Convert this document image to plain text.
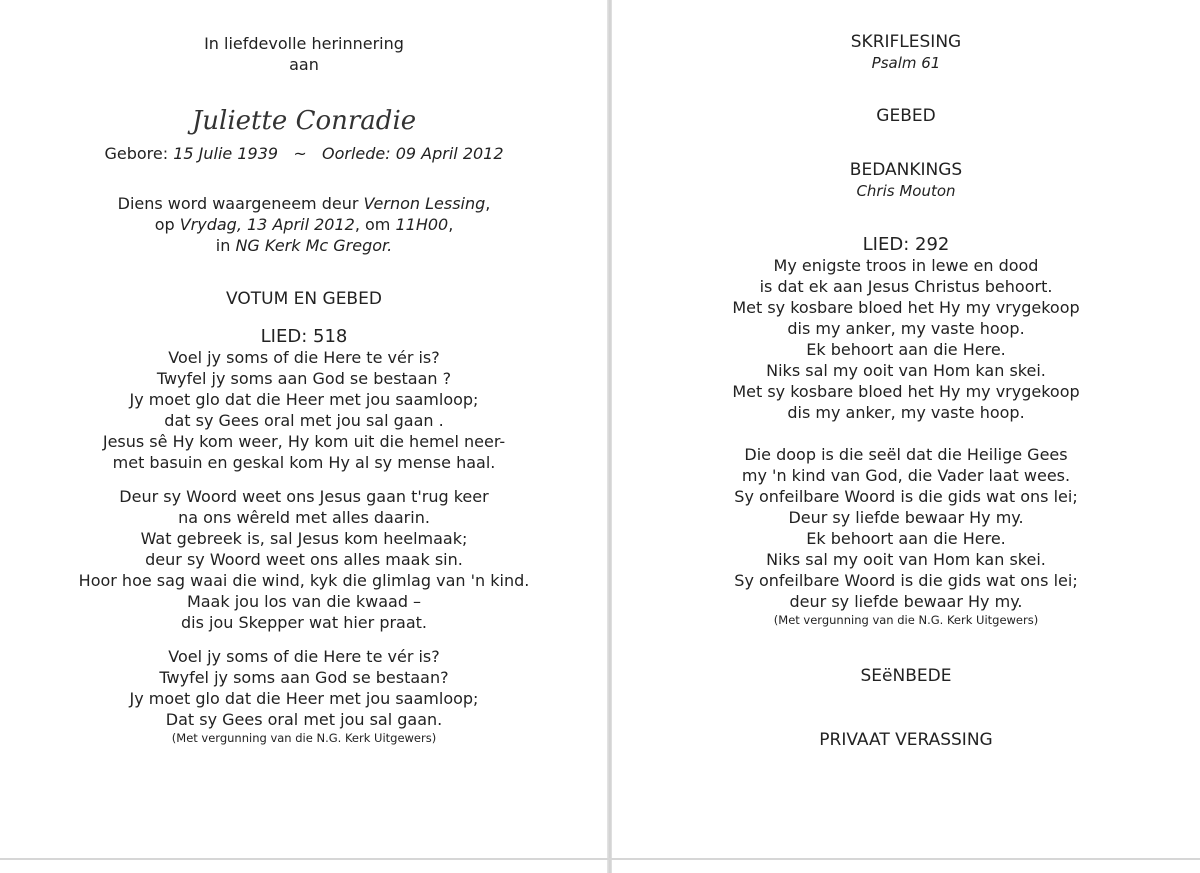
In liefdevolle herinnering
aan
Juliette Conradie
Gebore: 15 Julie 1939 ~ Oorlede: 09 April 2012
Diens word waargeneem deur Vernon Lessing,
op Vrydag, 13 April 2012, om 11H00,
in NG Kerk Mc Gregor.
VOTUM EN GEBED
LIED: 518
Voel jy soms of die Here te vér is?
Twyfel jy soms aan God se bestaan ?
Jy moet glo dat die Heer met jou saamloop;
dat sy Gees oral met jou sal gaan .
Jesus sê Hy kom weer, Hy kom uit die hemel neer-
met basuin en geskal kom Hy al sy mense haal.
Deur sy Woord weet ons Jesus gaan t'rug keer
na ons wêreld met alles daarin.
Wat gebreek is, sal Jesus kom heelmaak;
deur sy Woord weet ons alles maak sin.
Hoor hoe sag waai die wind, kyk die glimlag van 'n kind.
Maak jou los van die kwaad –
dis jou Skepper wat hier praat.
Voel jy soms of die Here te vér is?
Twyfel jy soms aan God se bestaan?
Jy moet glo dat die Heer met jou saamloop;
Dat sy Gees oral met jou sal gaan.
(Met vergunning van die N.G. Kerk Uitgewers)
SKRIFLESING
Psalm 61
GEBED
BEDANKINGS
Chris Mouton
LIED: 292
My enigste troos in lewe en dood
is dat ek aan Jesus Christus behoort.
Met sy kosbare bloed het Hy my vrygekoop
dis my anker, my vaste hoop.
Ek behoort aan die Here.
Niks sal my ooit van Hom kan skei.
Met sy kosbare bloed het Hy my vrygekoop
dis my anker, my vaste hoop.
Die doop is die seël dat die Heilige Gees
my 'n kind van God, die Vader laat wees.
Sy onfeilbare Woord is die gids wat ons lei;
Deur sy liefde bewaar Hy my.
Ek behoort aan die Here.
Niks sal my ooit van Hom kan skei.
Sy onfeilbare Woord is die gids wat ons lei;
deur sy liefde bewaar Hy my.
(Met vergunning van die N.G. Kerk Uitgewers)
SEëNBEDE
PRIVAAT VERASSING
